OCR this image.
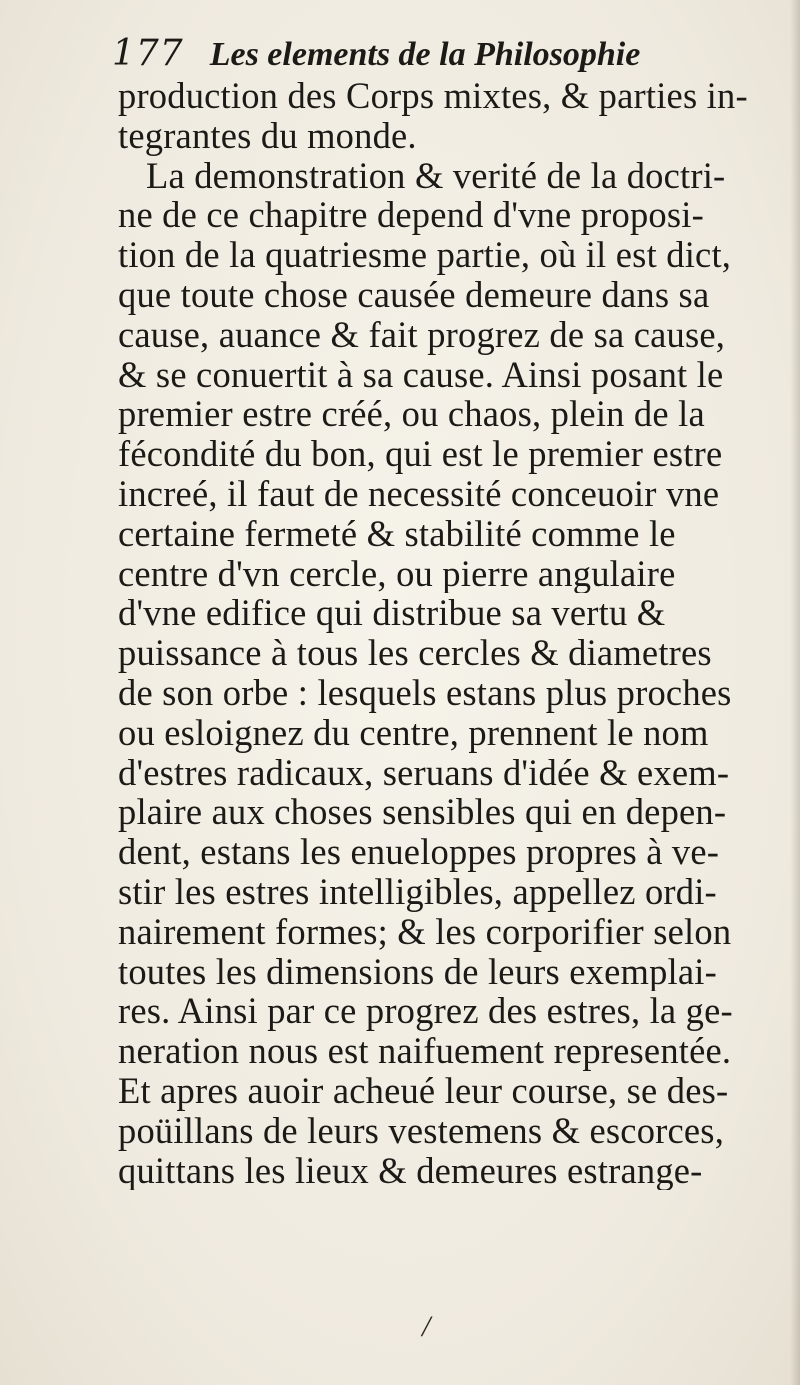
177 Les elements de la Philosophie
production des Corps mixtes, & parties in-
tegrantes du monde.
La demonstration & verité de la doctri-
ne de ce chapitre depend d'vne proposi-
tion de la quatriesme partie, où il est dict,
que toute chose causée demeure dans sa
cause, auance & fait progrez de sa cause,
& se conuertit à sa cause. Ainsi posant le
premier estre créé, ou chaos, plein de la
fécondité du bon, qui est le premier estre
increé, il faut de necessité conceuoir vne
certaine fermeté & stabilité comme le
centre d'vn cercle, ou pierre angulaire
d'vne edifice qui distribue sa vertu &
puissance à tous les cercles & diametres
de son orbe : lesquels estans plus proches
ou esloignez du centre, prennent le nom
d'estres radicaux, seruans d'idée & exem-
plaire aux choses sensibles qui en depen-
dent, estans les enueloppes propres à ve-
stir les estres intelligibles, appellez ordi-
nairement formes; & les corporifier selon
toutes les dimensions de leurs exemplai-
res. Ainsi par ce progrez des estres, la ge-
neration nous est naifuement representée.
Et apres auoir acheué leur course, se des-
poüillans de leurs vestemens & escorces,
quittans les lieux & demeures estrange-
/
